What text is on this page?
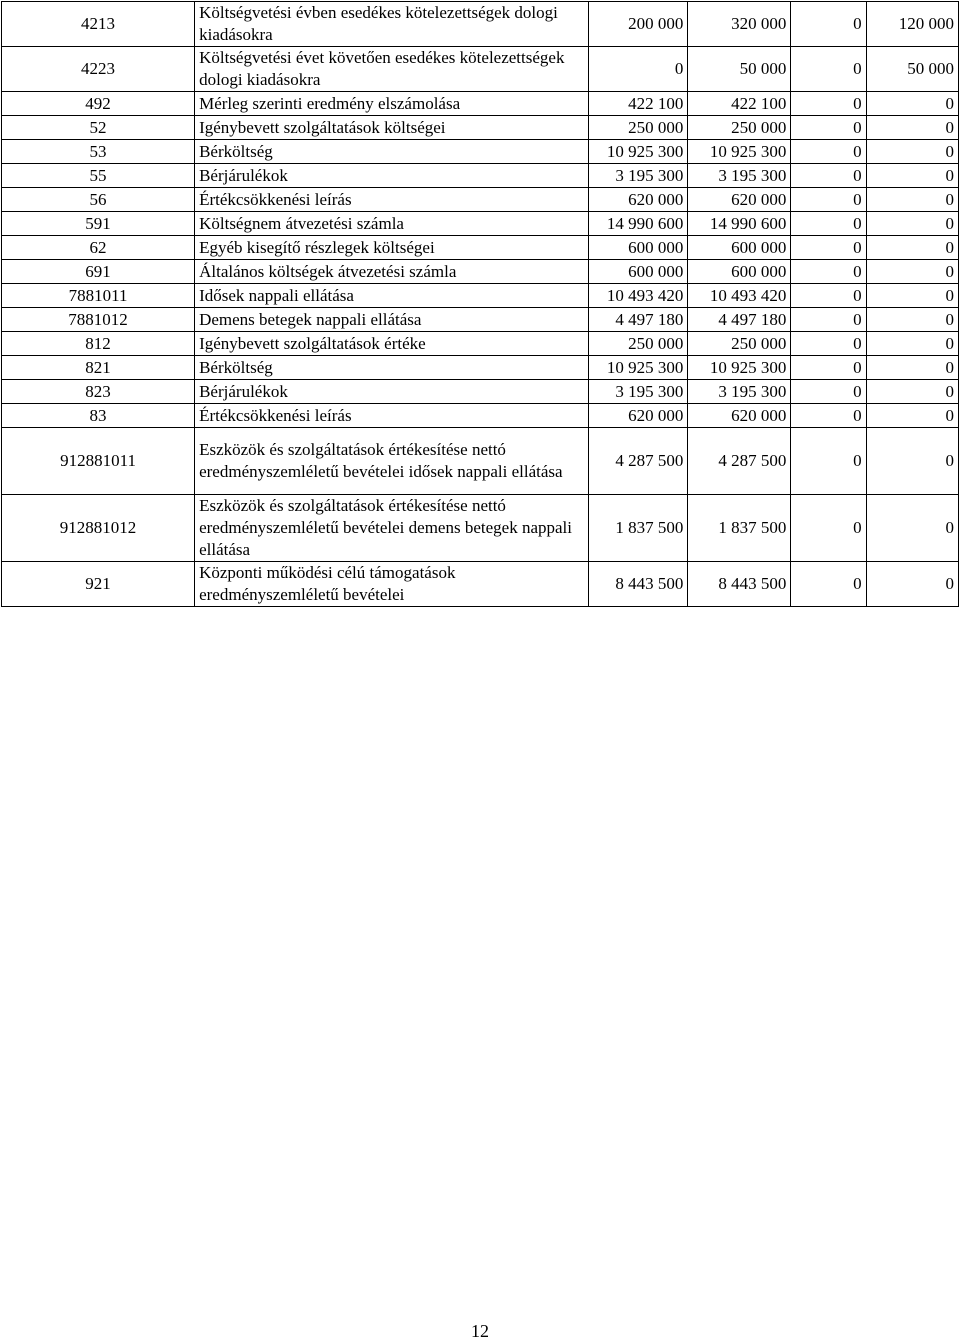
4213	Költségvetési évben esedékes kötelezettségek dologi kiadásokra	200 000	320 000	0	120 000
4223	Költségvetési évet követően esedékes kötelezettségek dologi kiadásokra	0	50 000	0	50 000
492	Mérleg szerinti eredmény elszámolása	422 100	422 100	0	0
52	Igénybevett szolgáltatások költségei	250 000	250 000	0	0
53	Bérköltség	10 925 300	10 925 300	0	0
55	Bérjárulékok	3 195 300	3 195 300	0	0
56	Értékcsökkenési leírás	620 000	620 000	0	0
591	Költségnem átvezetési számla	14 990 600	14 990 600	0	0
62	Egyéb kisegítő részlegek költségei	600 000	600 000	0	0
691	Általános költségek átvezetési számla	600 000	600 000	0	0
7881011	Idősek nappali ellátása	10 493 420	10 493 420	0	0
7881012	Demens betegek nappali ellátása	4 497 180	4 497 180	0	0
812	Igénybevett szolgáltatások értéke	250 000	250 000	0	0
821	Bérköltség	10 925 300	10 925 300	0	0
823	Bérjárulékok	3 195 300	3 195 300	0	0
83	Értékcsökkenési leírás	620 000	620 000	0	0
912881011	Eszközök és szolgáltatások értékesítése nettó eredményszemléletű bevételei idősek nappali ellátása	4 287 500	4 287 500	0	0
912881012	Eszközök és szolgáltatások értékesítése nettó eredményszemléletű bevételei demens betegek nappali ellátása	1 837 500	1 837 500	0	0
921	Központi működési célú támogatások eredményszemléletű bevételei	8 443 500	8 443 500	0	0
12
